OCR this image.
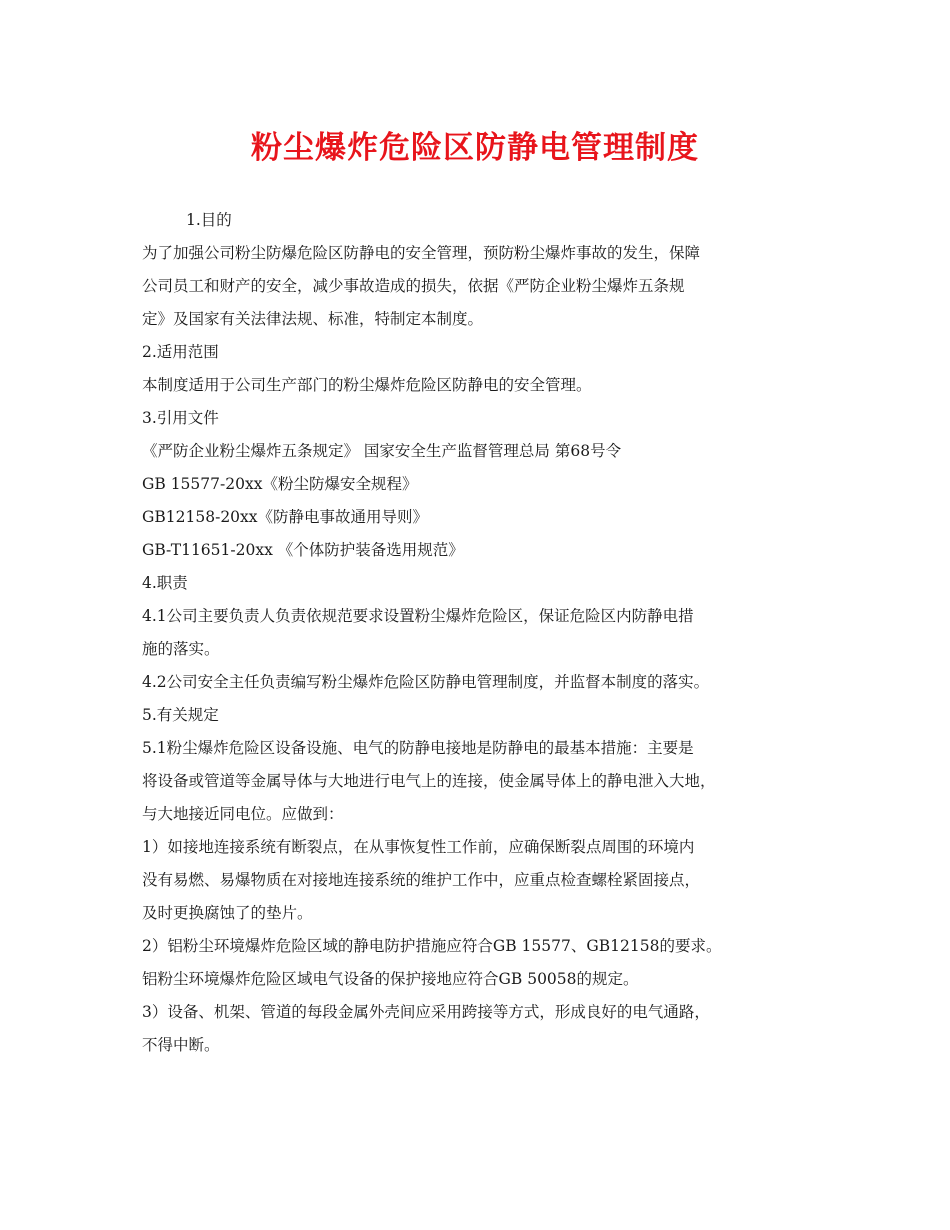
粉尘爆炸危险区防静电管理制度
1.目的
为了加强公司粉尘防爆危险区防静电的安全管理，预防粉尘爆炸事故的发生，保障
公司员工和财产的安全，减少事故造成的损失，依据《严防企业粉尘爆炸五条规
定》及国家有关法律法规、标准，特制定本制度。
2.适用范围
本制度适用于公司生产部门的粉尘爆炸危险区防静电的安全管理。
3.引用文件
《严防企业粉尘爆炸五条规定》 国家安全生产监督管理总局 第68号令
GB 15577-20xx《粉尘防爆安全规程》
GB12158-20xx《防静电事故通用导则》
GB-T11651-20xx 《个体防护装备选用规范》
4.职责
4.1公司主要负责人负责依规范要求设置粉尘爆炸危险区，保证危险区内防静电措
施的落实。
4.2公司安全主任负责编写粉尘爆炸危险区防静电管理制度，并监督本制度的落实。
5.有关规定
5.1粉尘爆炸危险区设备设施、电气的防静电接地是防静电的最基本措施：主要是
将设备或管道等金属导体与大地进行电气上的连接，使金属导体上的静电泄入大地，
与大地接近同电位。应做到：
1）如接地连接系统有断裂点，在从事恢复性工作前，应确保断裂点周围的环境内
没有易燃、易爆物质在对接地连接系统的维护工作中，应重点检查螺栓紧固接点，
及时更换腐蚀了的垫片。
2）铝粉尘环境爆炸危险区域的静电防护措施应符合GB 15577、GB12158的要求。
铝粉尘环境爆炸危险区域电气设备的保护接地应符合GB 50058的规定。
3）设备、机架、管道的每段金属外壳间应采用跨接等方式，形成良好的电气通路，
不得中断。
